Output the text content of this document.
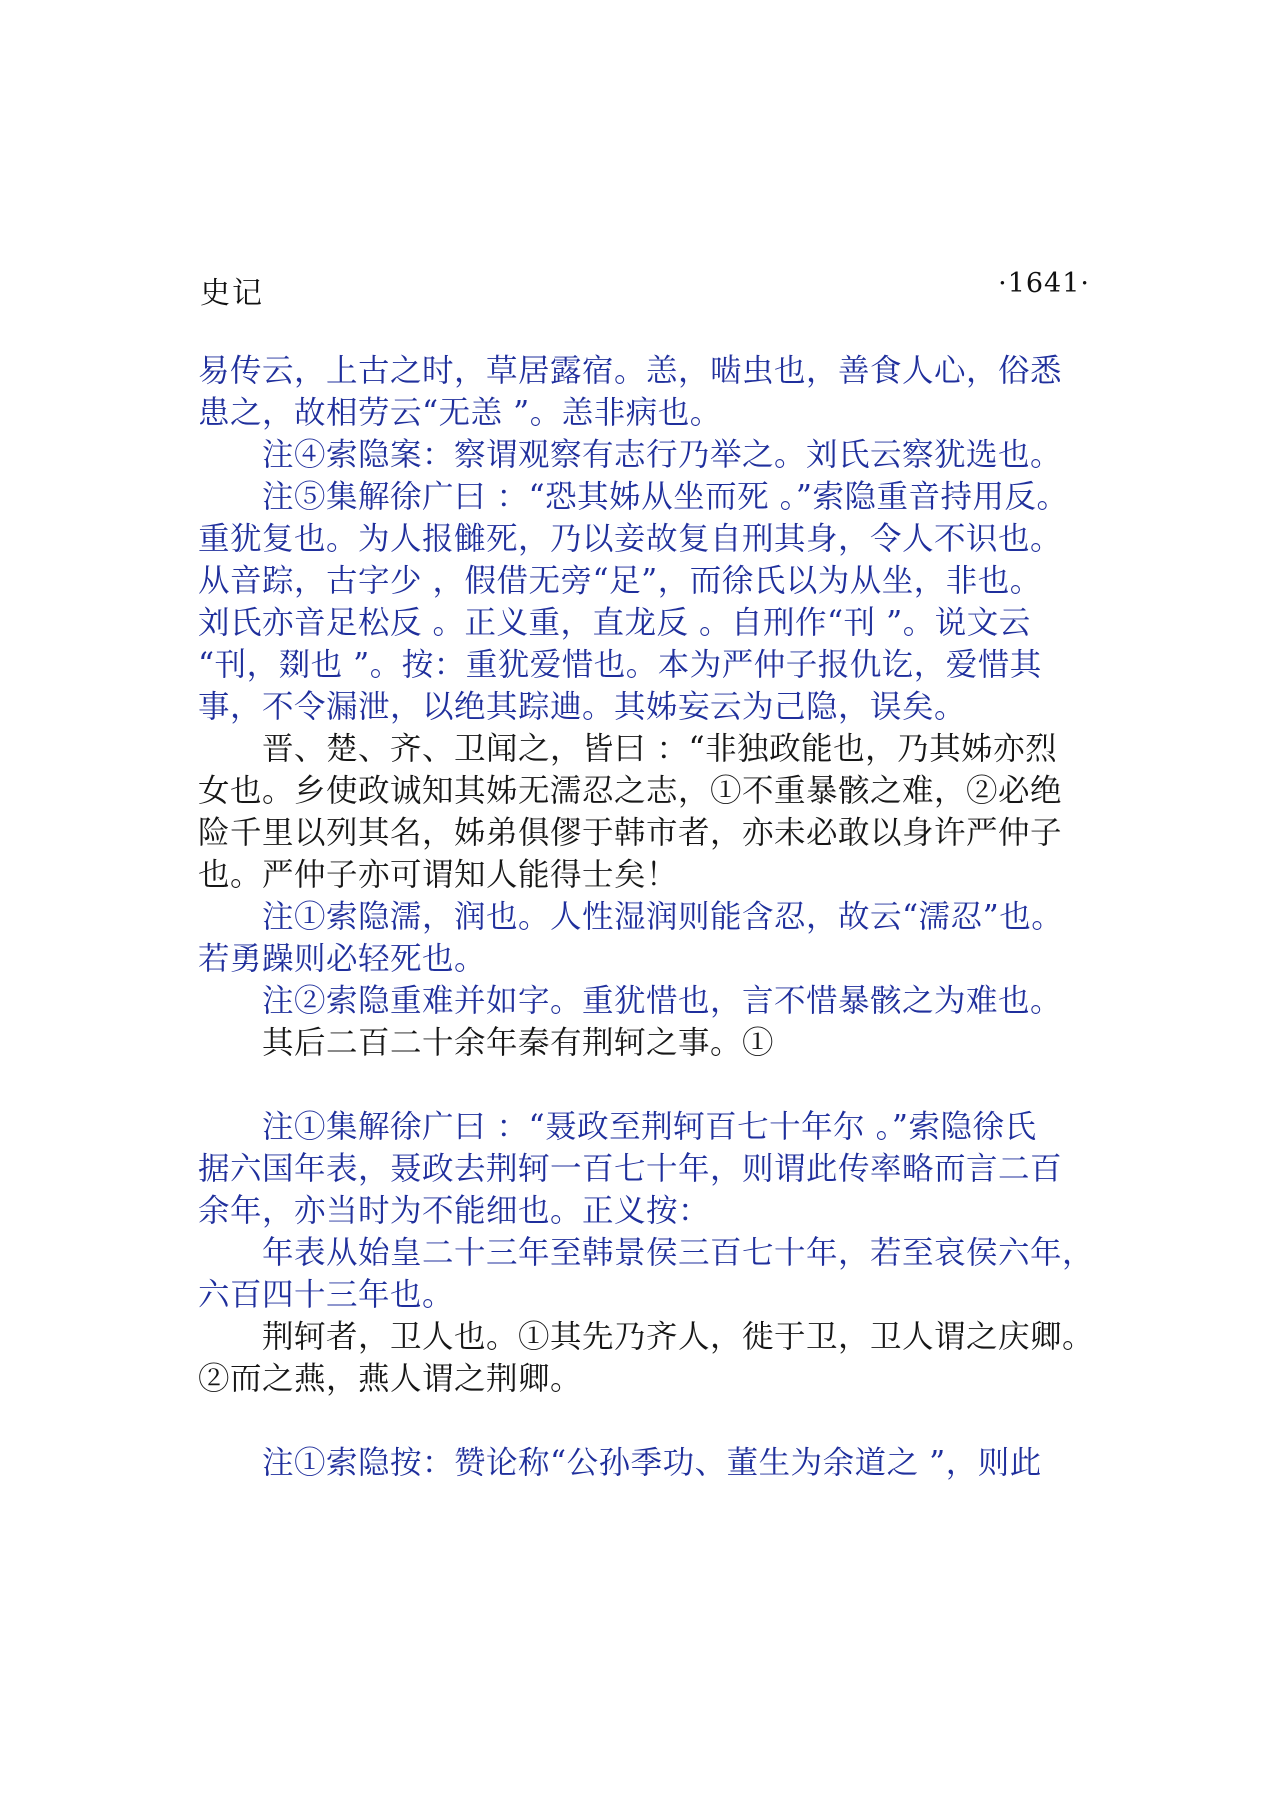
史记	·1641·
易传云，上古之时，草居露宿。恙，啮虫也，善食人心，俗悉
患之，故相劳云“无恙 ”。恙非病也。
注④索隐案：察谓观察有志行乃举之。刘氏云察犹选也。
注⑤集解徐广曰 ：“恐其姊从坐而死 。”索隐重音持用反。
重犹复也。为人报雠死，乃以妾故复自刑其身，令人不识也。
从音踪，古字少 ，假借无旁“足”，而徐氏以为从坐，非也。
刘氏亦音足松反 。正义重，直龙反 。自刑作“刊 ”。说文云
“刊，剟也 ”。按：重犹爱惜也。本为严仲子报仇讫，爱惜其
事，不令漏泄，以绝其踪䢗。其姊妄云为己隐，误矣。
晋、楚、齐、卫闻之，皆曰 ：“非独政能也，乃其姊亦烈
女也。乡使政诚知其姊无濡忍之志，①不重暴骸之难，②必绝
险千里以列其名，姊弟俱僇于韩市者，亦未必敢以身许严仲子
也。严仲子亦可谓知人能得士矣！
注①索隐濡，润也。人性湿润则能含忍，故云“濡忍”也。
若勇躁则必轻死也。
注②索隐重难并如字。重犹惜也，言不惜暴骸之为难也。
其后二百二十余年秦有荆轲之事。①
注①集解徐广曰 ：“聂政至荆轲百七十年尔 。”索隐徐氏
据六国年表，聂政去荆轲一百七十年，则谓此传率略而言二百
余年，亦当时为不能细也。正义按：
年表从始皇二十三年至韩景侯三百七十年，若至哀侯六年，
六百四十三年也。
荆轲者，卫人也。①其先乃齐人，徙于卫，卫人谓之庆卿。
②而之燕，燕人谓之荆卿。
注①索隐按：赞论称“公孙季功、董生为余道之 ”，则此
